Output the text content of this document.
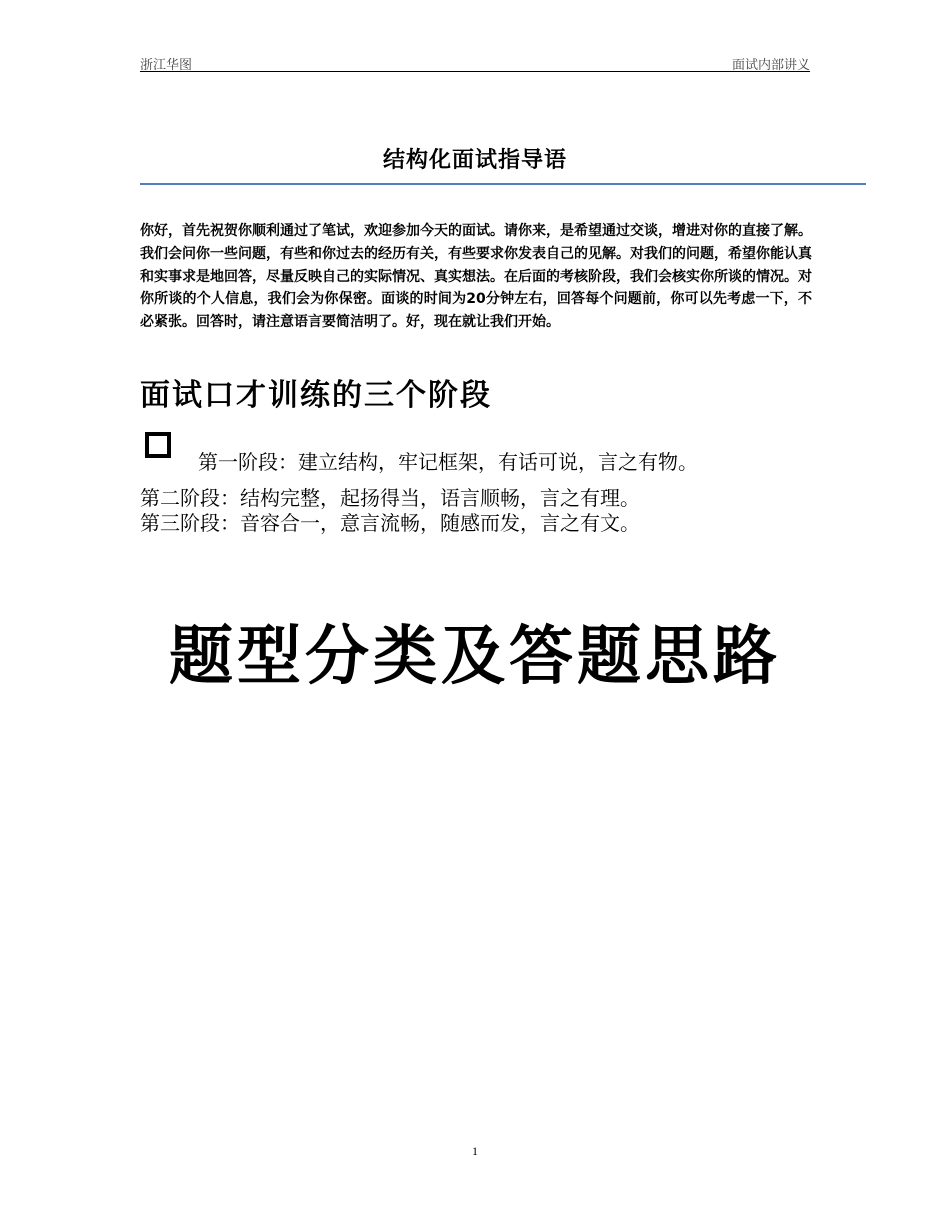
浙江华图	面试内部讲义
结构化面试指导语
你好，首先祝贺你顺利通过了笔试，欢迎参加今天的面试。请你来，是希望通过交谈，增进对你的直接了解。我们会问你一些问题，有些和你过去的经历有关，有些要求你发表自己的见解。对我们的问题，希望你能认真和实事求是地回答，尽量反映自己的实际情况、真实想法。在后面的考核阶段，我们会核实你所谈的情况。对你所谈的个人信息，我们会为你保密。面谈的时间为20分钟左右，回答每个问题前，你可以先考虑一下，不必紧张。回答时，请注意语言要简洁明了。好，现在就让我们开始。
面试口才训练的三个阶段
第一阶段：建立结构，牢记框架，有话可说，言之有物。
第二阶段：结构完整，起扬得当，语言顺畅，言之有理。
第三阶段：音容合一，意言流畅，随感而发，言之有文。
题型分类及答题思路
1
